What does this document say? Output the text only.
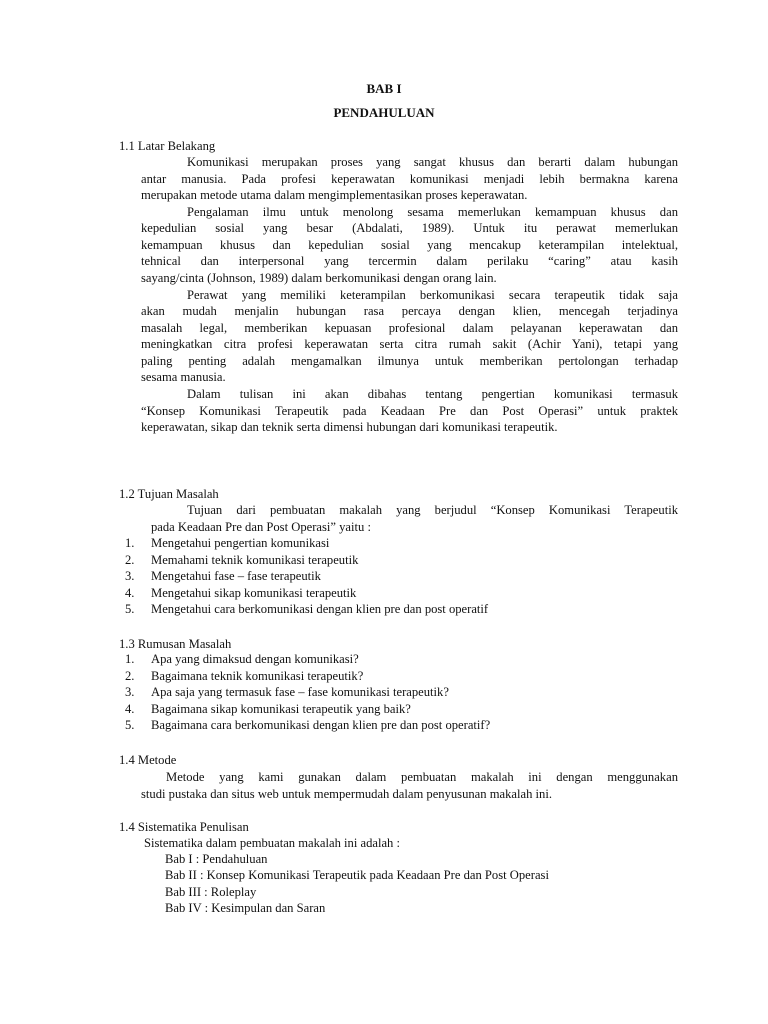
BAB I
PENDAHULUAN
1.1 Latar Belakang
Komunikasi merupakan proses yang sangat khusus dan berarti dalam hubungan
antar manusia. Pada profesi keperawatan komunikasi menjadi lebih bermakna karena
merupakan metode utama dalam mengimplementasikan proses keperawatan.
Pengalaman ilmu untuk menolong sesama memerlukan kemampuan khusus dan
kepedulian sosial yang besar (Abdalati, 1989). Untuk itu perawat memerlukan
kemampuan khusus dan kepedulian sosial yang mencakup keterampilan intelektual,
tehnical dan interpersonal yang tercermin dalam perilaku “caring” atau kasih
sayang/cinta (Johnson, 1989) dalam berkomunikasi dengan orang lain.
Perawat yang memiliki keterampilan berkomunikasi secara terapeutik tidak saja
akan mudah menjalin hubungan rasa percaya dengan klien, mencegah terjadinya
masalah legal, memberikan kepuasan profesional dalam pelayanan keperawatan dan
meningkatkan citra profesi keperawatan serta citra rumah sakit (Achir Yani), tetapi yang
paling penting adalah mengamalkan ilmunya untuk memberikan pertolongan terhadap
sesama manusia.
Dalam tulisan ini akan dibahas tentang pengertian komunikasi termasuk
“Konsep Komunikasi Terapeutik pada Keadaan Pre dan Post Operasi” untuk praktek
keperawatan, sikap dan teknik serta dimensi hubungan dari komunikasi terapeutik.
1.2 Tujuan Masalah
Tujuan dari pembuatan makalah yang berjudul “Konsep Komunikasi Terapeutik
pada Keadaan Pre dan Post Operasi” yaitu :
1.	Mengetahui pengertian komunikasi
2.	Memahami teknik komunikasi terapeutik
3.	Mengetahui fase – fase terapeutik
4.	Mengetahui sikap komunikasi terapeutik
5.	Mengetahui cara berkomunikasi dengan klien pre dan post operatif
1.3 Rumusan Masalah
1.	Apa yang dimaksud dengan komunikasi?
2.	Bagaimana teknik komunikasi terapeutik?
3.	Apa saja yang termasuk fase – fase komunikasi terapeutik?
4.	Bagaimana sikap komunikasi terapeutik yang baik?
5.	Bagaimana cara berkomunikasi dengan klien pre dan post operatif?
1.4 Metode
Metode yang kami gunakan dalam pembuatan makalah ini dengan menggunakan
studi pustaka dan situs web untuk mempermudah dalam penyusunan makalah ini.
1.4 Sistematika Penulisan
Sistematika dalam pembuatan makalah ini adalah :
Bab I : Pendahuluan
Bab II : Konsep Komunikasi Terapeutik pada Keadaan Pre dan Post Operasi
Bab III : Roleplay
Bab IV : Kesimpulan dan Saran
